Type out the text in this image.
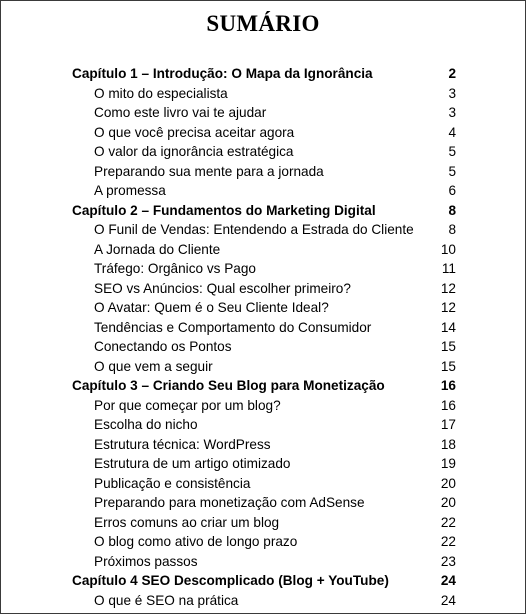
SUMÁRIO
Capítulo 1 – Introdução: O Mapa da Ignorância	2
O mito do especialista	3
Como este livro vai te ajudar	3
O que você precisa aceitar agora	4
O valor da ignorância estratégica	5
Preparando sua mente para a jornada	5
A promessa	6
Capítulo 2 – Fundamentos do Marketing Digital	8
O Funil de Vendas: Entendendo a Estrada do Cliente	8
A Jornada do Cliente	10
Tráfego: Orgânico vs Pago	11
SEO vs Anúncios: Qual escolher primeiro?	12
O Avatar: Quem é o Seu Cliente Ideal?	12
Tendências e Comportamento do Consumidor	14
Conectando os Pontos	15
O que vem a seguir	15
Capítulo 3 – Criando Seu Blog para Monetização	16
Por que começar por um blog?	16
Escolha do nicho	17
Estrutura técnica: WordPress	18
Estrutura de um artigo otimizado	19
Publicação e consistência	20
Preparando para monetização com AdSense	20
Erros comuns ao criar um blog	22
O blog como ativo de longo prazo	22
Próximos passos	23
Capítulo 4 SEO Descomplicado (Blog + YouTube)	24
O que é SEO na prática	24
